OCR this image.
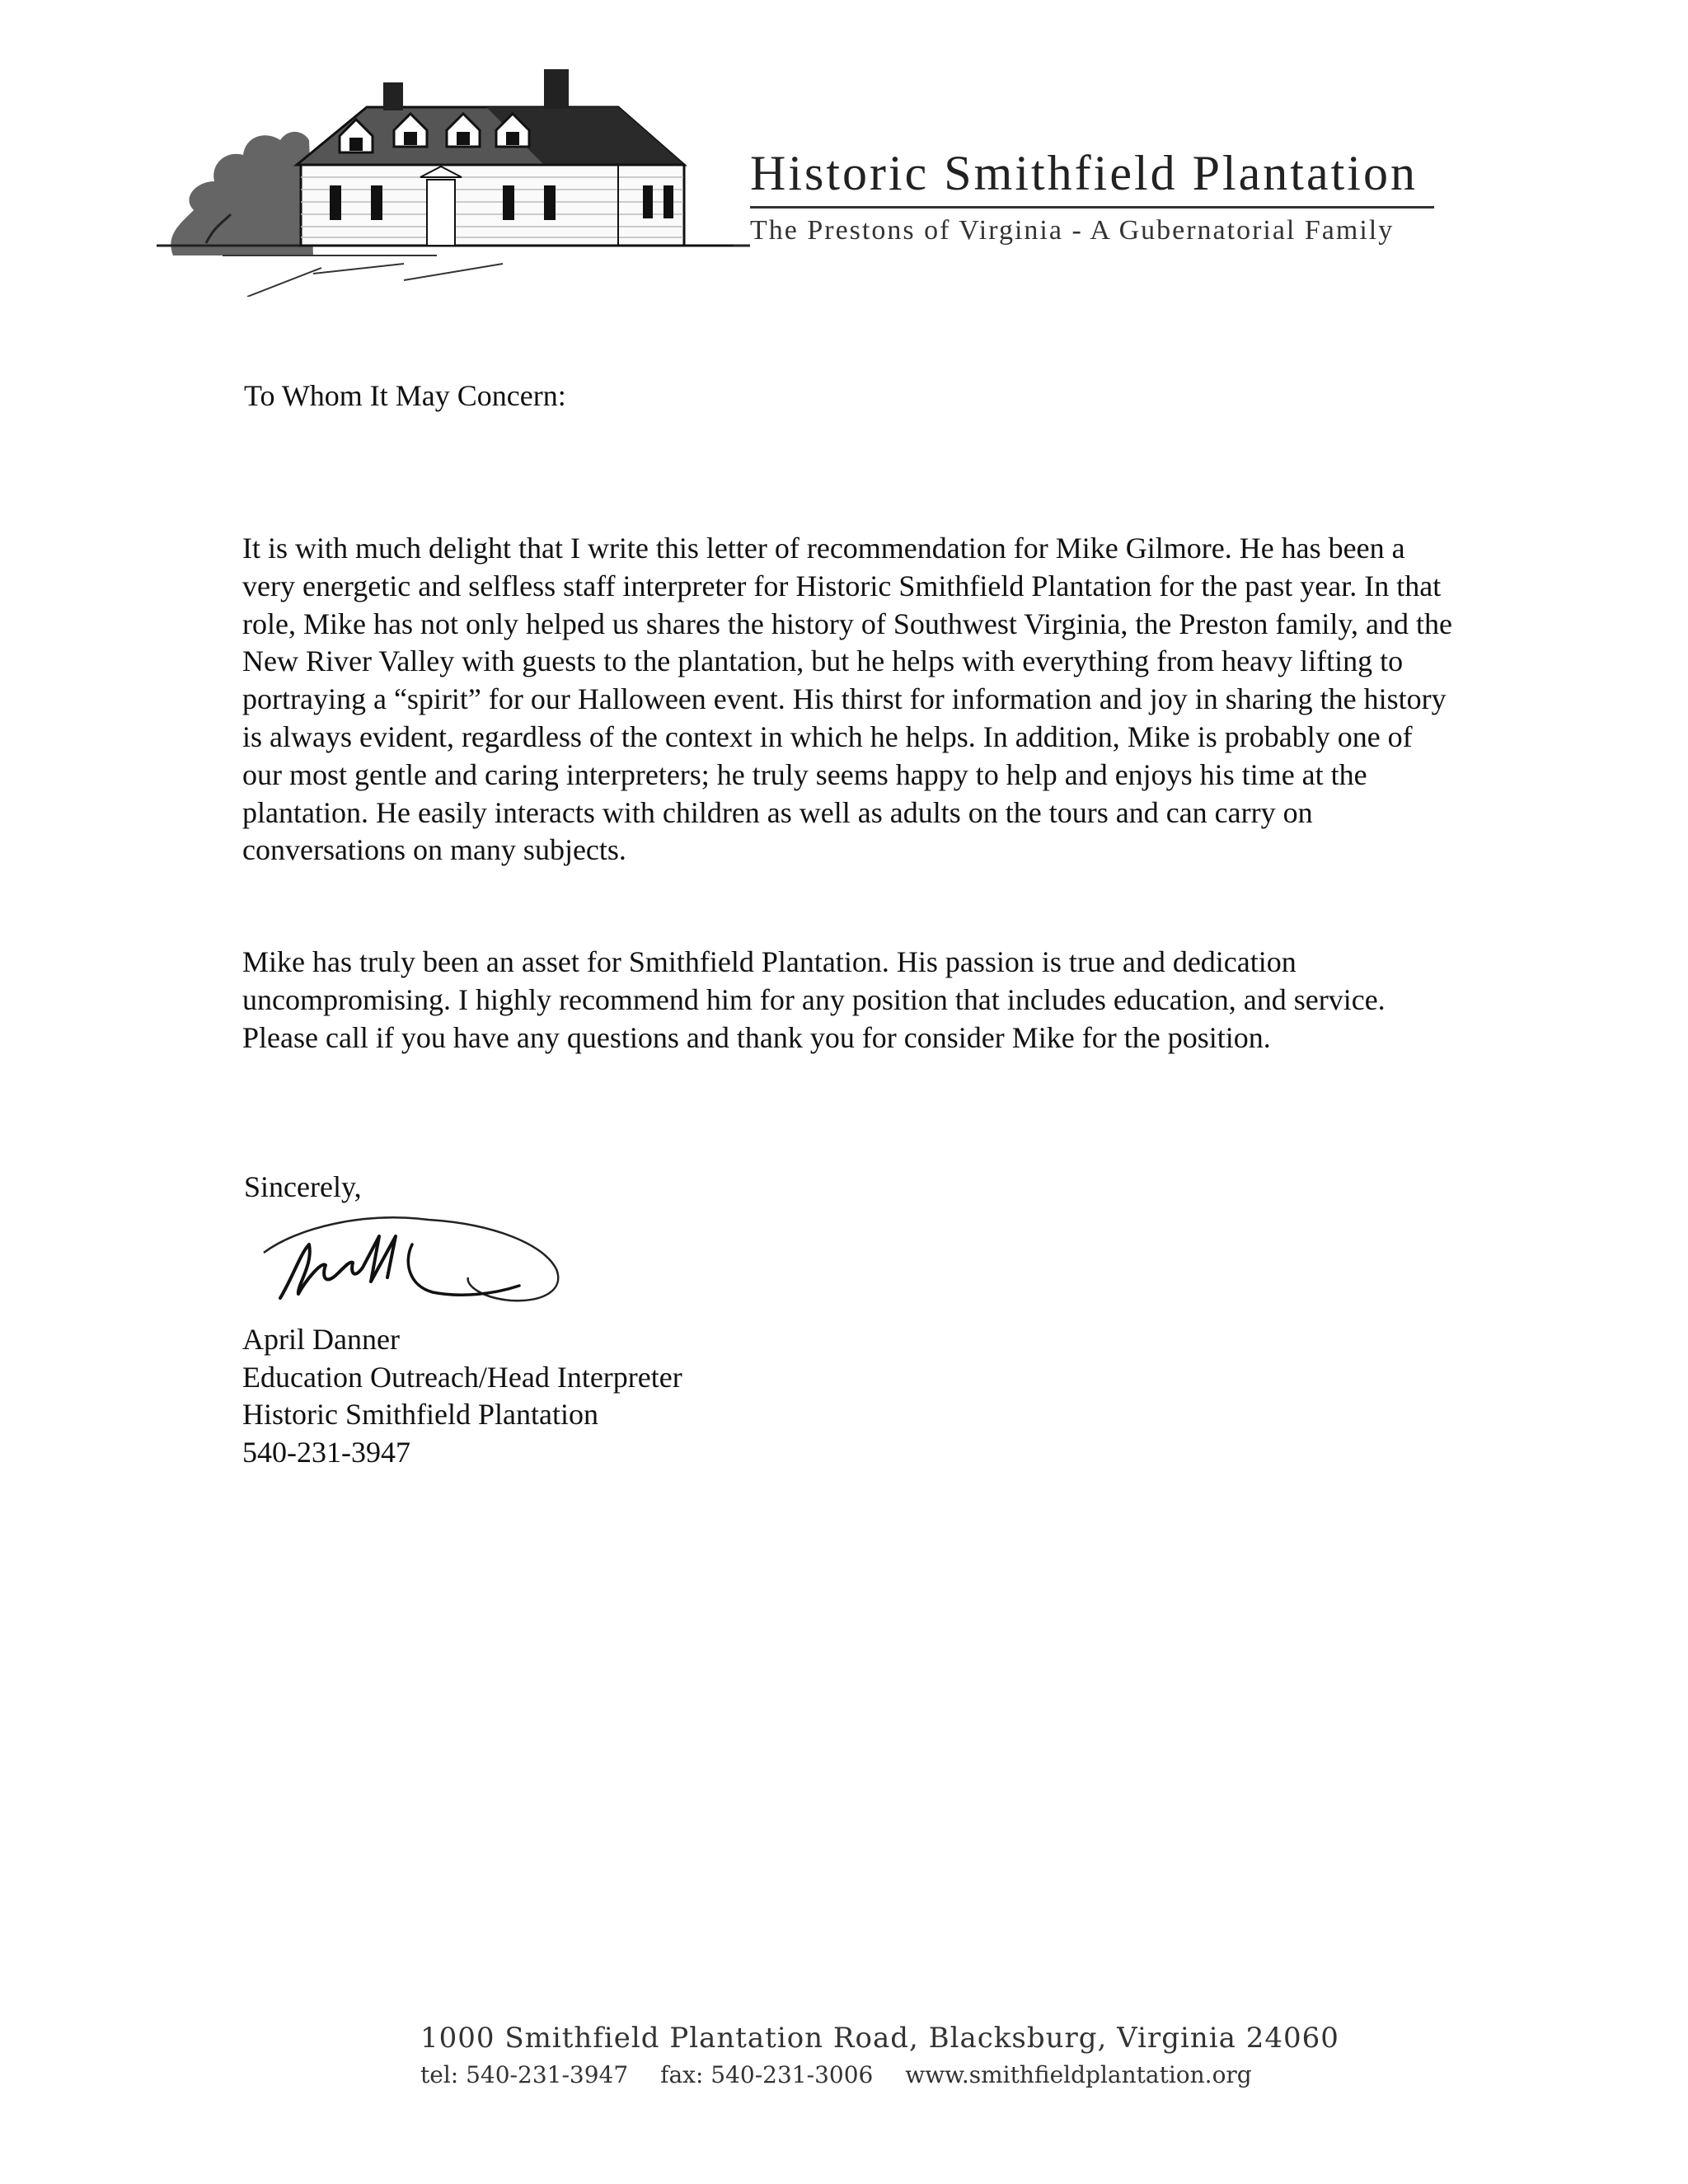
Historic Smithfield Plantation
The Prestons of Virginia - A Gubernatorial Family
To Whom It May Concern:

It is with much delight that I write this letter of recommendation for Mike Gilmore. He has been a very energetic and selfless staff interpreter for Historic Smithfield Plantation for the past year. In that role, Mike has not only helped us shares the history of Southwest Virginia, the Preston family, and the New River Valley with guests to the plantation, but he helps with everything from heavy lifting to portraying a “spirit” for our Halloween event. His thirst for information and joy in sharing the history is always evident, regardless of the context in which he helps. In addition, Mike is probably one of our most gentle and caring interpreters; he truly seems happy to help and enjoys his time at the plantation. He easily interacts with children as well as adults on the tours and can carry on conversations on many subjects.

Mike has truly been an asset for Smithfield Plantation. His passion is true and dedication uncompromising. I highly recommend him for any position that includes education, and service. Please call if you have any questions and thank you for consider Mike for the position.

Sincerely,
April Danner
Education Outreach/Head Interpreter
Historic Smithfield Plantation
540-231-3947
1000 Smithfield Plantation Road, Blacksburg, Virginia 24060
tel: 540-231-3947 fax: 540-231-3006 www.smithfieldplantation.org
